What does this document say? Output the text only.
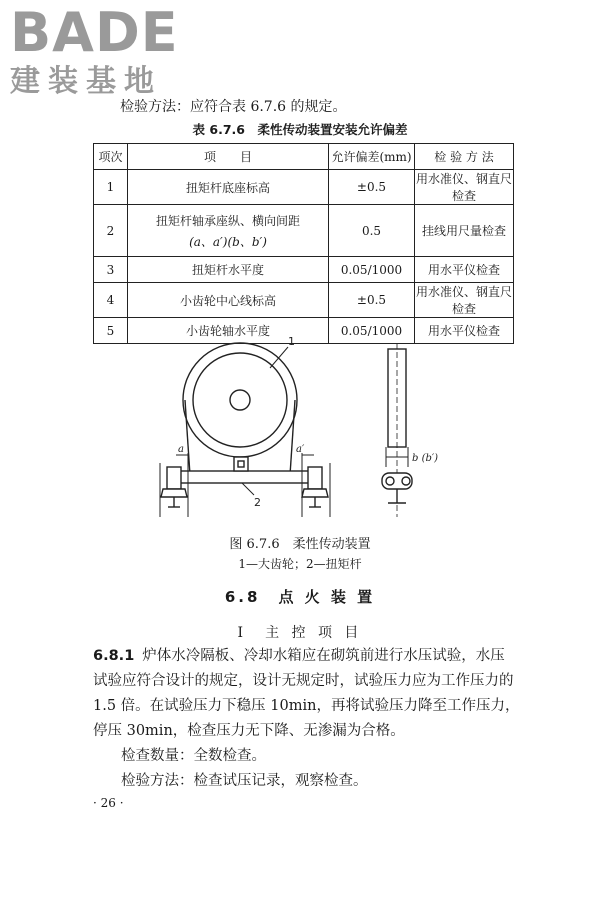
BADE
建装基地
检验方法：应符合表 6.7.6 的规定。
表 6.7.6　柔性传动装置安装允许偏差
项次	项　　目	允许偏差(mm)	检 验 方 法
1	扭矩杆底座标高	±0.5	用水准仪、钢直尺检查
2	扭矩杆轴承座纵、横向间距
(a、a′)(b、b′)	0.5	挂线用尺量检查
3	扭矩杆水平度	0.05/1000	用水平仪检查
4	小齿轮中心线标高	±0.5	用水准仪、钢直尺检查
5	小齿轮轴水平度	0.05/1000	用水平仪检查
1
2
a	a′
b (b′)
图 6.7.6　柔性传动装置
1—大齿轮；2—扭矩杆
6.8　点 火 装 置
Ⅰ　主 控 项 目
6.8.1 炉体水冷隔板、冷却水箱应在砌筑前进行水压试验，水压
试验应符合设计的规定，设计无规定时，试验压力应为工作压力的
1.5 倍。在试验压力下稳压 10min，再将试验压力降至工作压力，
停压 30min，检查压力无下降、无渗漏为合格。
检查数量：全数检查。
检验方法：检查试压记录，观察检查。
· 26 ·
